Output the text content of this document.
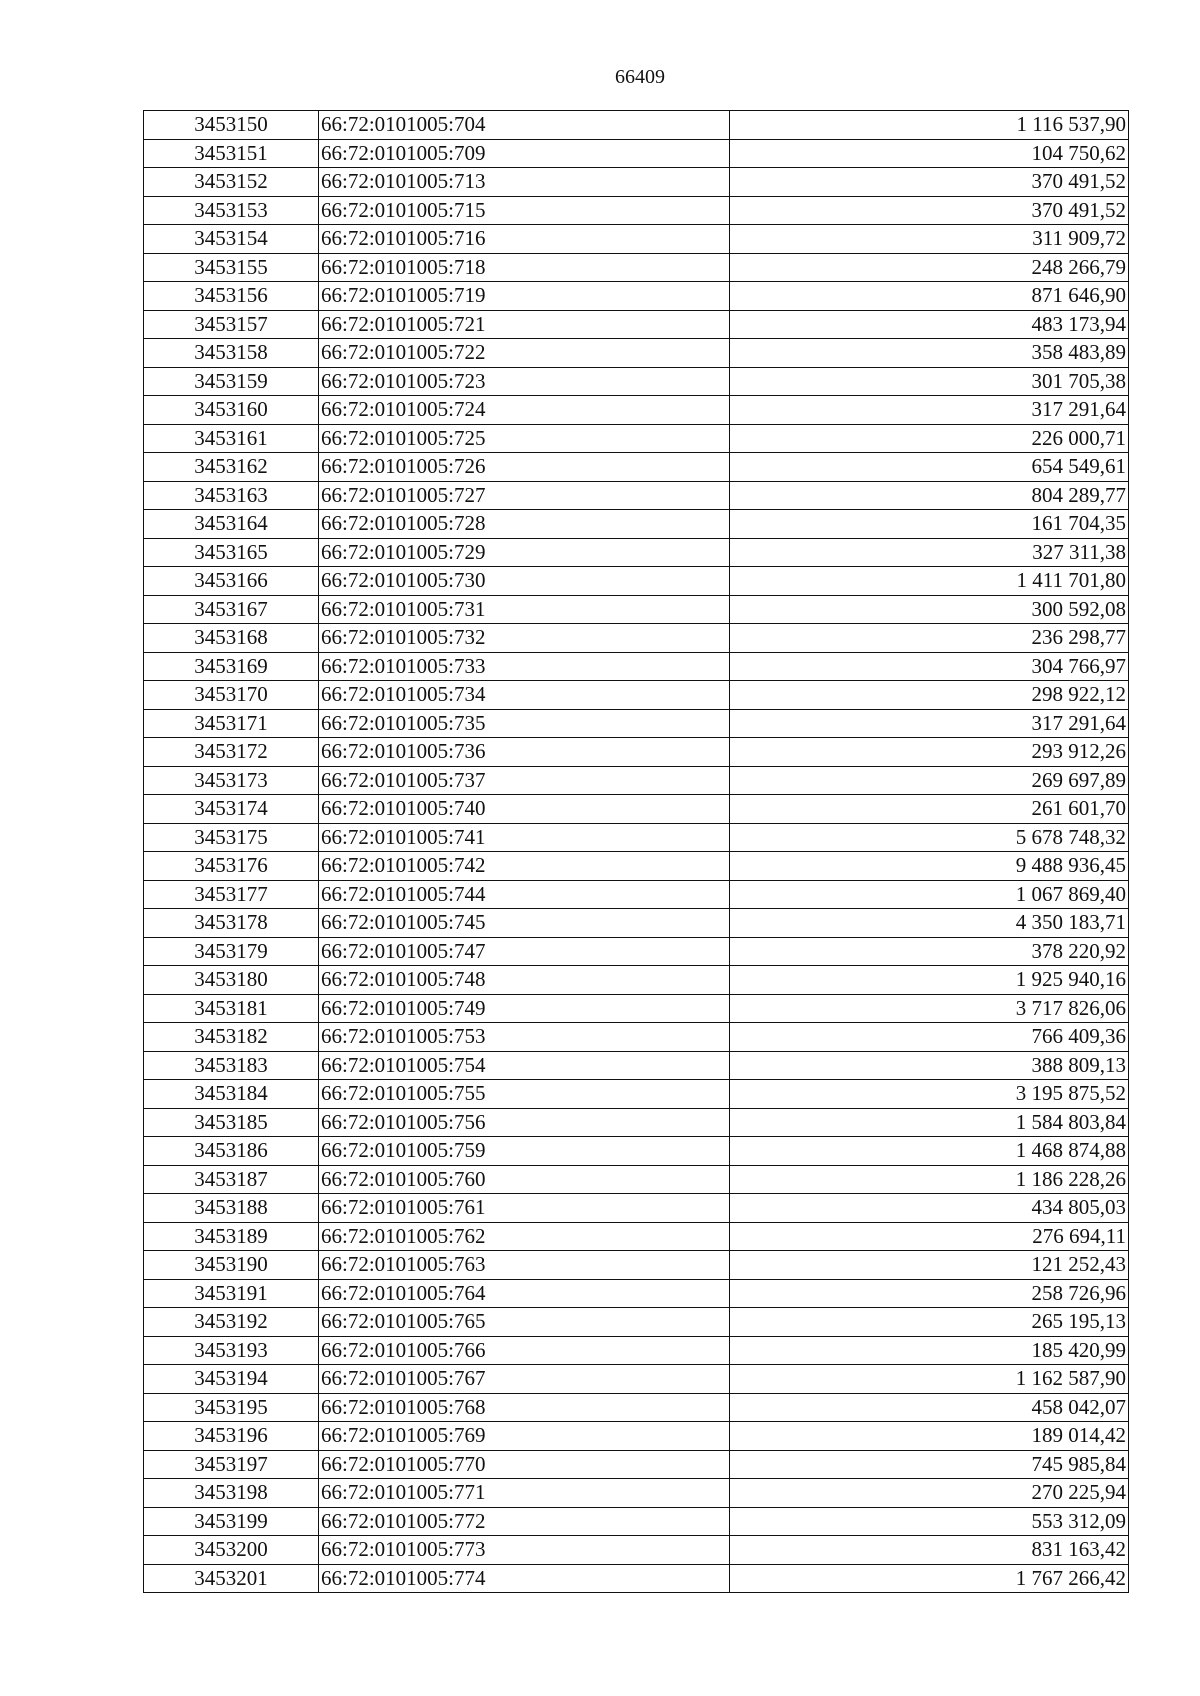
66409
3453150	66:72:0101005:704	1 116 537,90
3453151	66:72:0101005:709	104 750,62
3453152	66:72:0101005:713	370 491,52
3453153	66:72:0101005:715	370 491,52
3453154	66:72:0101005:716	311 909,72
3453155	66:72:0101005:718	248 266,79
3453156	66:72:0101005:719	871 646,90
3453157	66:72:0101005:721	483 173,94
3453158	66:72:0101005:722	358 483,89
3453159	66:72:0101005:723	301 705,38
3453160	66:72:0101005:724	317 291,64
3453161	66:72:0101005:725	226 000,71
3453162	66:72:0101005:726	654 549,61
3453163	66:72:0101005:727	804 289,77
3453164	66:72:0101005:728	161 704,35
3453165	66:72:0101005:729	327 311,38
3453166	66:72:0101005:730	1 411 701,80
3453167	66:72:0101005:731	300 592,08
3453168	66:72:0101005:732	236 298,77
3453169	66:72:0101005:733	304 766,97
3453170	66:72:0101005:734	298 922,12
3453171	66:72:0101005:735	317 291,64
3453172	66:72:0101005:736	293 912,26
3453173	66:72:0101005:737	269 697,89
3453174	66:72:0101005:740	261 601,70
3453175	66:72:0101005:741	5 678 748,32
3453176	66:72:0101005:742	9 488 936,45
3453177	66:72:0101005:744	1 067 869,40
3453178	66:72:0101005:745	4 350 183,71
3453179	66:72:0101005:747	378 220,92
3453180	66:72:0101005:748	1 925 940,16
3453181	66:72:0101005:749	3 717 826,06
3453182	66:72:0101005:753	766 409,36
3453183	66:72:0101005:754	388 809,13
3453184	66:72:0101005:755	3 195 875,52
3453185	66:72:0101005:756	1 584 803,84
3453186	66:72:0101005:759	1 468 874,88
3453187	66:72:0101005:760	1 186 228,26
3453188	66:72:0101005:761	434 805,03
3453189	66:72:0101005:762	276 694,11
3453190	66:72:0101005:763	121 252,43
3453191	66:72:0101005:764	258 726,96
3453192	66:72:0101005:765	265 195,13
3453193	66:72:0101005:766	185 420,99
3453194	66:72:0101005:767	1 162 587,90
3453195	66:72:0101005:768	458 042,07
3453196	66:72:0101005:769	189 014,42
3453197	66:72:0101005:770	745 985,84
3453198	66:72:0101005:771	270 225,94
3453199	66:72:0101005:772	553 312,09
3453200	66:72:0101005:773	831 163,42
3453201	66:72:0101005:774	1 767 266,42
